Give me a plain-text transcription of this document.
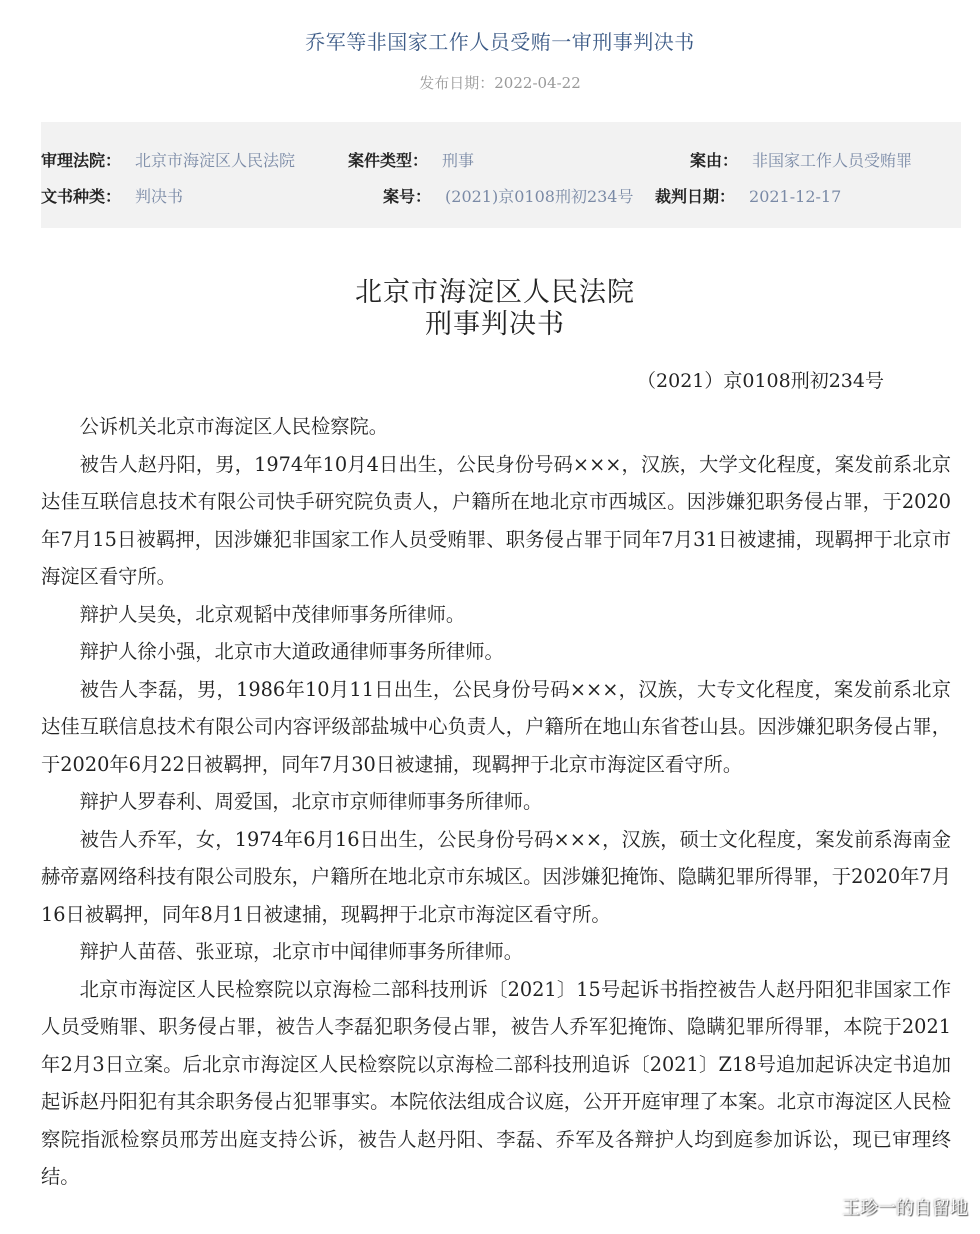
乔军等非国家工作人员受贿一审刑事判决书
发布日期：2022-04-22
审理法院： 北京市海淀区人民法院	案件类型： 刑事	案由： 非国家工作人员受贿罪
文书种类： 判决书	案号： (2021)京0108刑初234号 裁判日期： 2021-12-17
北京市海淀区人民法院
刑事判决书
（2021）京0108刑初234号

公诉机关北京市海淀区人民检察院。

被告人赵丹阳，男，1974年10月4日出生，公民身份号码×××，汉族，大学文化程度，案发前系北京达佳互联信息技术有限公司快手研究院负责人，户籍所在地北京市西城区。因涉嫌犯职务侵占罪，于2020年7月15日被羁押，因涉嫌犯非国家工作人员受贿罪、职务侵占罪于同年7月31日被逮捕，现羁押于北京市海淀区看守所。

辩护人吴奂，北京观韬中茂律师事务所律师。

辩护人徐小强，北京市大道政通律师事务所律师。

被告人李磊，男，1986年10月11日出生，公民身份号码×××，汉族，大专文化程度，案发前系北京达佳互联信息技术有限公司内容评级部盐城中心负责人，户籍所在地山东省苍山县。因涉嫌犯职务侵占罪，于2020年6月22日被羁押，同年7月30日被逮捕，现羁押于北京市海淀区看守所。

辩护人罗春利、周爱国，北京市京师律师事务所律师。

被告人乔军，女，1974年6月16日出生，公民身份号码×××，汉族，硕士文化程度，案发前系海南金赫帝嘉网络科技有限公司股东，户籍所在地北京市东城区。因涉嫌犯掩饰、隐瞒犯罪所得罪，于2020年7月16日被羁押，同年8月1日被逮捕，现羁押于北京市海淀区看守所。

辩护人苗蓓、张亚琼，北京市中闻律师事务所律师。

北京市海淀区人民检察院以京海检二部科技刑诉〔2021〕15号起诉书指控被告人赵丹阳犯非国家工作人员受贿罪、职务侵占罪，被告人李磊犯职务侵占罪，被告人乔军犯掩饰、隐瞒犯罪所得罪，本院于2021年2月3日立案。后北京市海淀区人民检察院以京海检二部科技刑追诉〔2021〕Z18号追加起诉决定书追加起诉赵丹阳犯有其余职务侵占犯罪事实。本院依法组成合议庭，公开开庭审理了本案。北京市海淀区人民检察院指派检察员邢芳出庭支持公诉，被告人赵丹阳、李磊、乔军及各辩护人均到庭参加诉讼，现已审理终结。

王珍一的自留地
